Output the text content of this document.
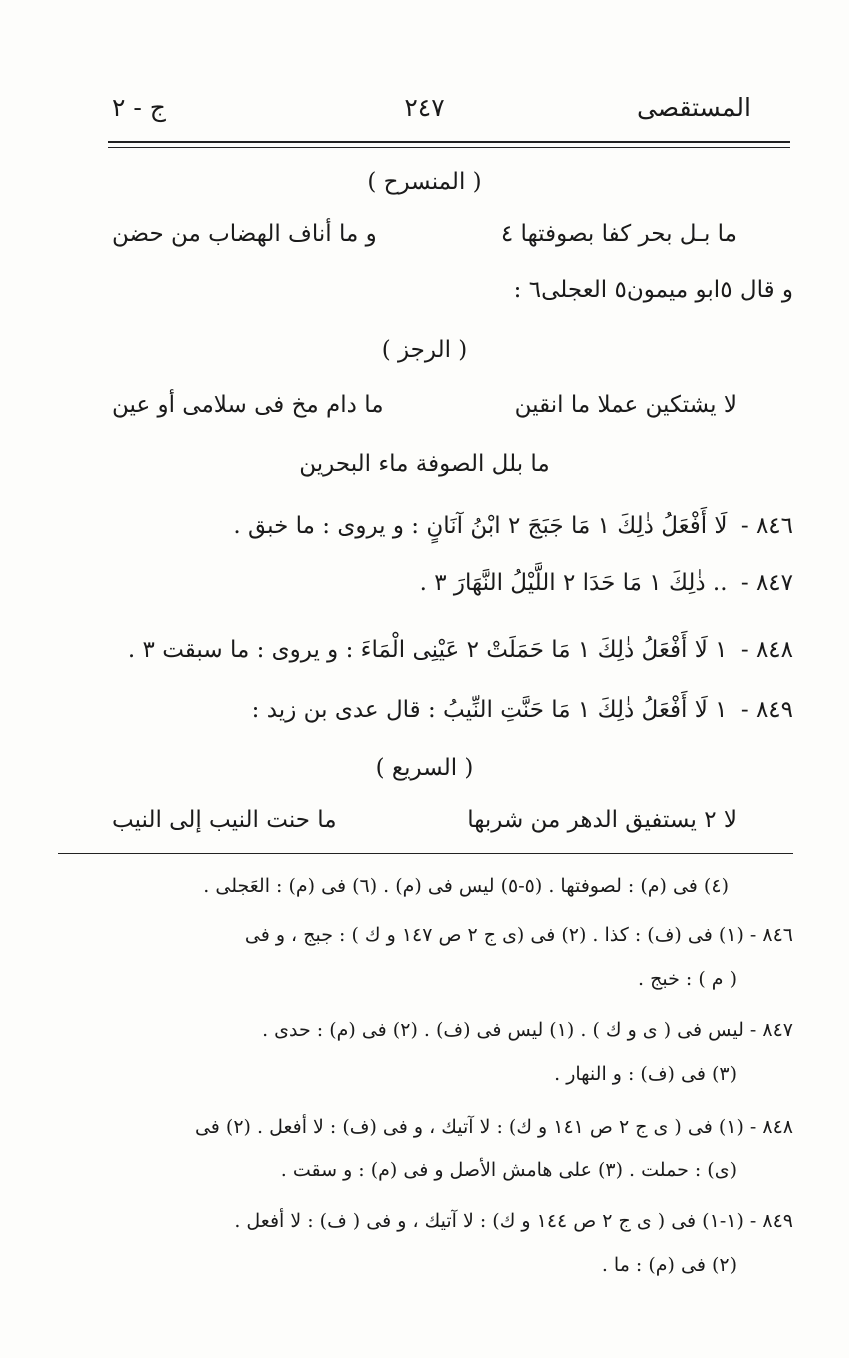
المستقصى
٢٤٧
ج - ٢
( المنسرح )
ما بـل بحر كفا بصوفتها ٤ و ما أناف الهضاب من حضن
و قال ٥ابو ميمون٥ العجلى٦ :
( الرجز )
لا يشتكين عملا ما انقين ما دام مخ فى سلامى أو عين
ما بلل الصوفة ماء البحرين
٨٤٦ - لَا أَفْعَلُ ذٰلِكَ ١ مَا جَبَجَ ٢ ابْنُ آنَانٍ : و يروى : ما خبق .
٨٤٧ - .. ذٰلِكَ ١ مَا حَدَا ٢ اللَّيْلُ النَّهَارَ ٣ .
٨٤٨ - ١ لَا أَفْعَلُ ذٰلِكَ ١ مَا حَمَلَتْ ٢ عَيْنِى الْمَاءَ : و يروى : ما سبقت ٣ .
٨٤٩ - ١ لَا أَفْعَلُ ذٰلِكَ ١ مَا حَنَّتِ النِّيبُ : قال عدى بن زيد :
( السريع )
لا ٢ يستفيق الدهر من شربها ما حنت النيب إلى النيب
(٤) فى (م) : لصوفتها . (٥-٥) ليس فى (م) . (٦) فى (م) : العَجلى .
٨٤٦ - (١) فى (ف) : كذا . (٢) فى (ى ج ٢ ص ١٤٧ و ك ) : جبج ، و فى
( م ) : خبج .
٨٤٧ - ليس فى ( ى و ك ) . (١) ليس فى (ف) . (٢) فى (م) : حدى .
(٣) فى (ف) : و النهار .
٨٤٨ - (١) فى ( ى ج ٢ ص ١٤١ و ك) : لا آتيك ، و فى (ف) : لا أفعل . (٢) فى
(ى) : حملت . (٣) على هامش الأصل و فى (م) : و سقت .
٨٤٩ - (١-١) فى ( ى ج ٢ ص ١٤٤ و ك) : لا آتيك ، و فى ( ف) : لا أفعل .
(٢) فى (م) : ما .
